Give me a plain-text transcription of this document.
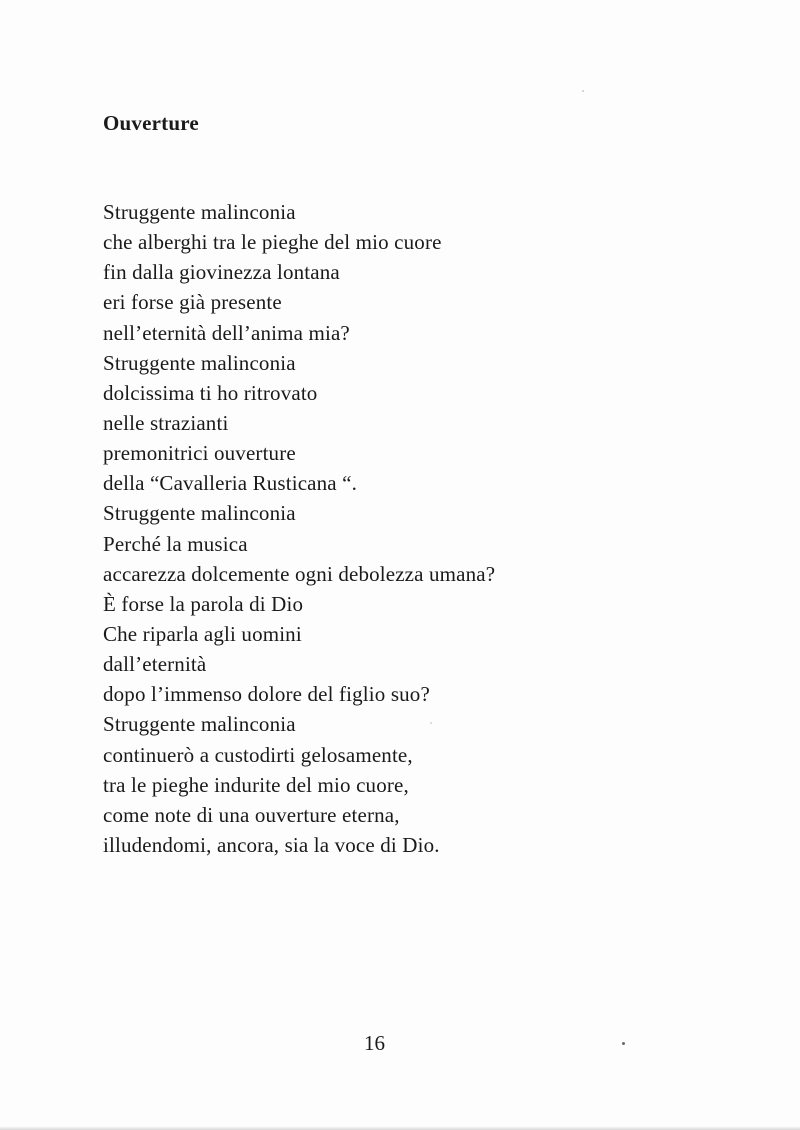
Ouverture
Struggente malinconia
che alberghi tra le pieghe del mio cuore
fin dalla giovinezza lontana
eri forse già presente
nell’eternità dell’anima mia?
Struggente malinconia
dolcissima ti ho ritrovato
nelle strazianti
premonitrici ouverture
della “Cavalleria Rusticana “.
Struggente malinconia
Perché la musica
accarezza dolcemente ogni debolezza umana?
È forse la parola di Dio
Che riparla agli uomini
dall’eternità
dopo l’immenso dolore del figlio suo?
Struggente malinconia
continuerò a custodirti gelosamente,
tra le pieghe indurite del mio cuore,
come note di una ouverture eterna,
illudendomi, ancora, sia la voce di Dio.

16
